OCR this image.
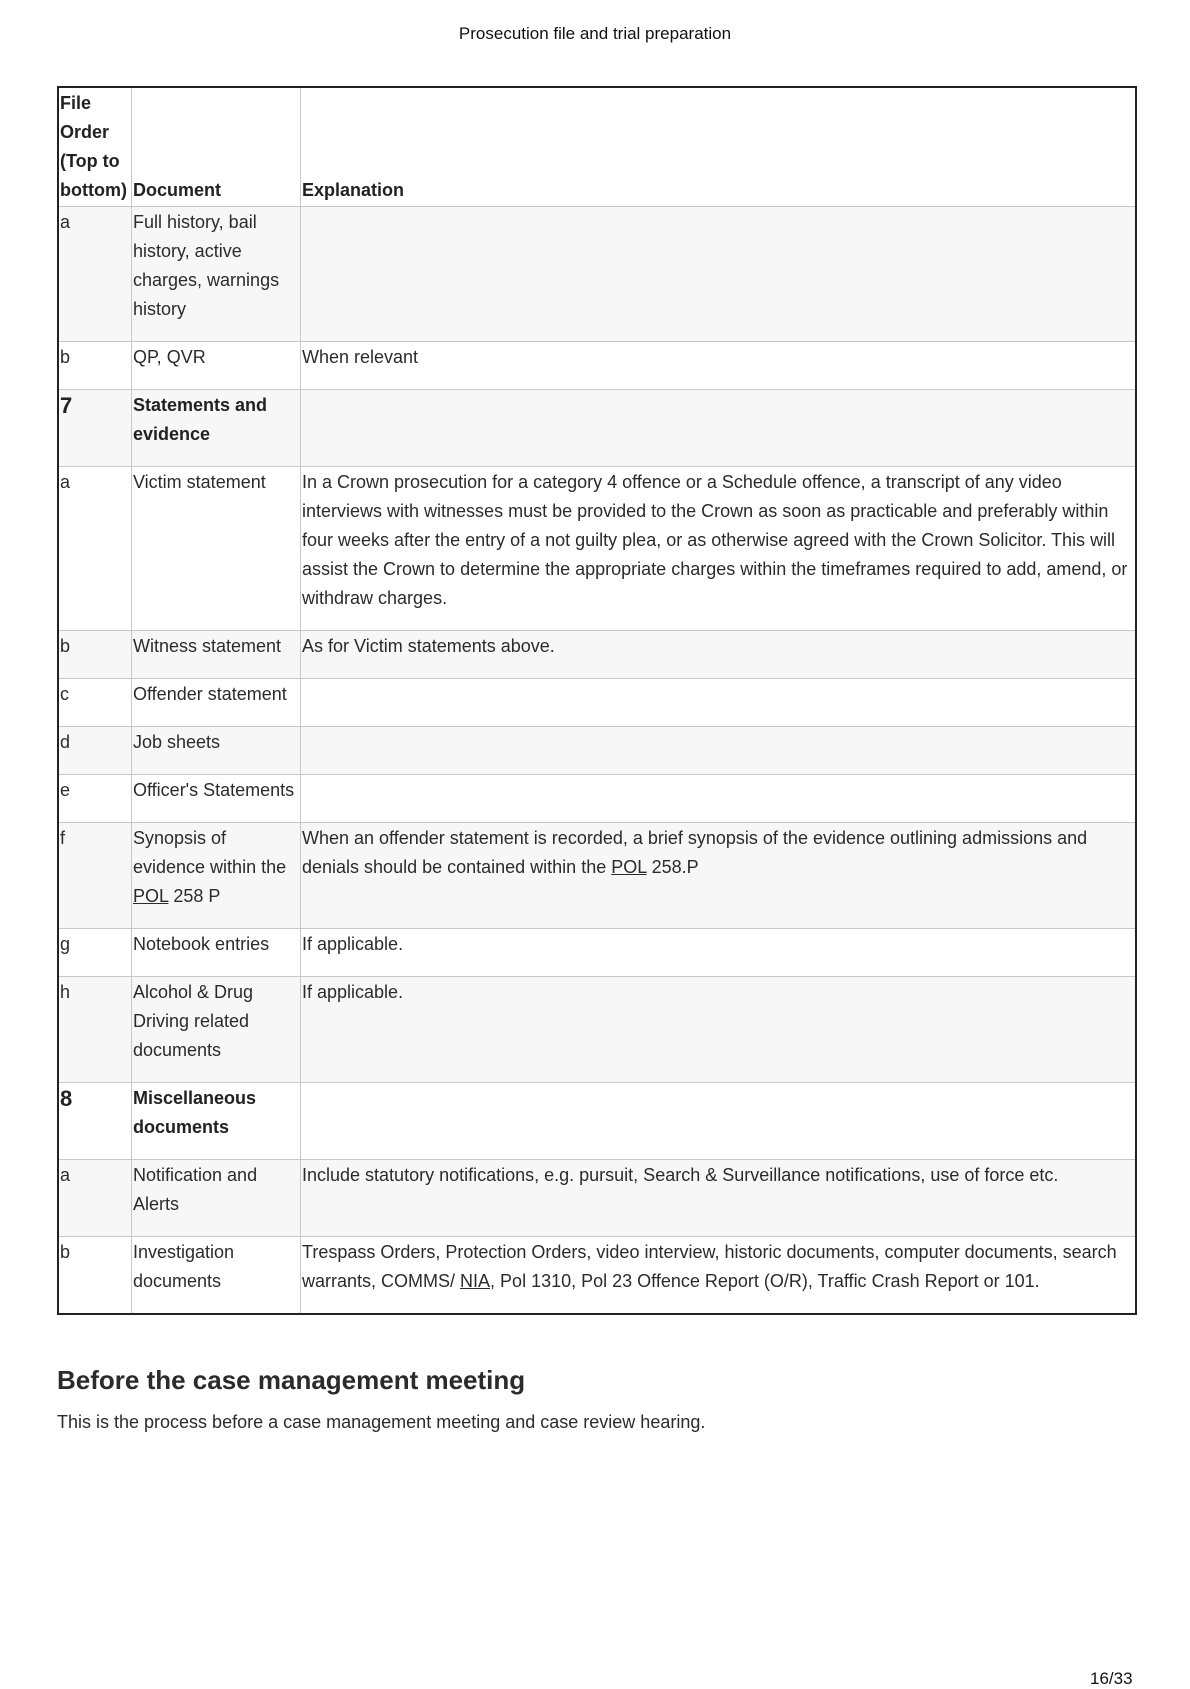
Prosecution file and trial preparation
File Order (Top to bottom)	Document	Explanation
a	Full history, bail history, active charges, warnings history	
b	QP, QVR	When relevant
7	Statements and evidence	
a	Victim statement	In a Crown prosecution for a category 4 offence or a Schedule offence, a transcript of any video interviews with witnesses must be provided to the Crown as soon as practicable and preferably within four weeks after the entry of a not guilty plea, or as otherwise agreed with the Crown Solicitor. This will assist the Crown to determine the appropriate charges within the timeframes required to add, amend, or withdraw charges.
b	Witness statement	As for Victim statements above.
c	Offender statement	
d	Job sheets	
e	Officer's Statements	
f	Synopsis of evidence within the POL 258 P	When an offender statement is recorded, a brief synopsis of the evidence outlining admissions and denials should be contained within the POL 258.P
g	Notebook entries	If applicable.
h	Alcohol & Drug Driving related documents	If applicable.
8	Miscellaneous documents	
a	Notification and Alerts	Include statutory notifications, e.g. pursuit, Search & Surveillance notifications, use of force etc.
b	Investigation documents	Trespass Orders, Protection Orders, video interview, historic documents, computer documents, search warrants, COMMS/ NIA, Pol 1310, Pol 23 Offence Report (O/R), Traffic Crash Report or 101.
Before the case management meeting

This is the process before a case management meeting and case review hearing.

16/33
